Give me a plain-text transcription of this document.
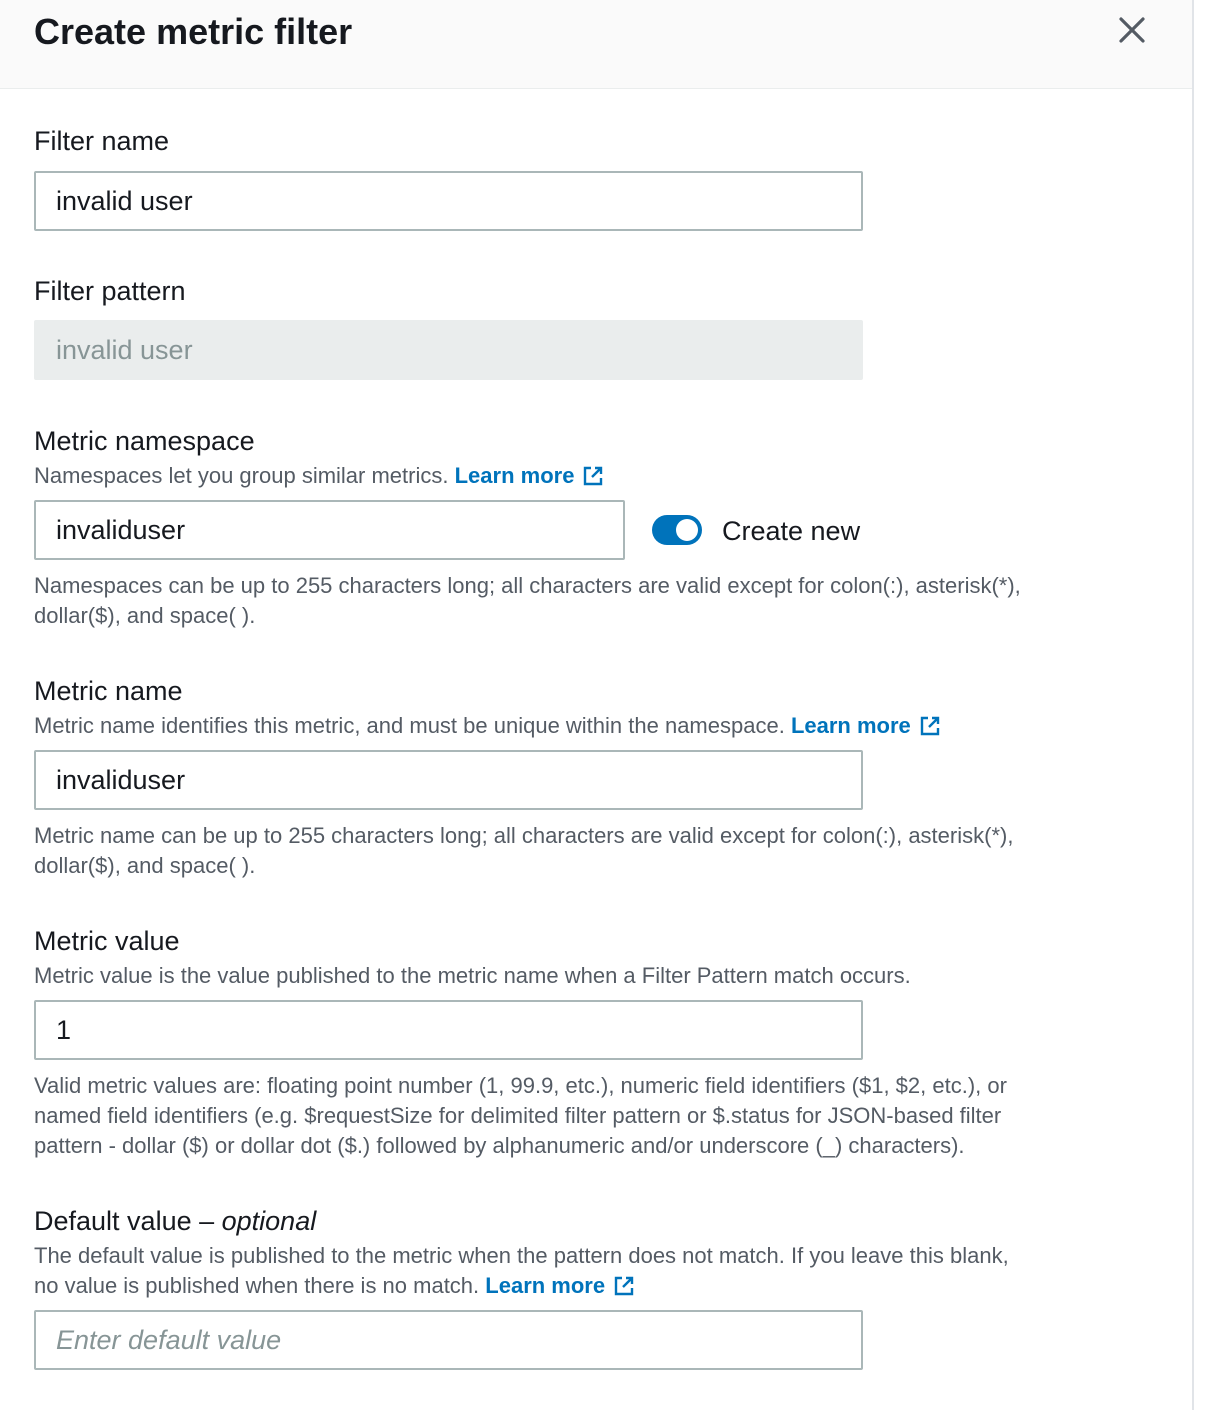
Create metric filter
Filter name
invalid user
Filter pattern
invalid user
Metric namespace
Namespaces let you group similar metrics. Learn more
invaliduser
Create new
Namespaces can be up to 255 characters long; all characters are valid except for colon(:), asterisk(*),
dollar($), and space( ).
Metric name
Metric name identifies this metric, and must be unique within the namespace. Learn more
invaliduser
Metric name can be up to 255 characters long; all characters are valid except for colon(:), asterisk(*),
dollar($), and space( ).
Metric value
Metric value is the value published to the metric name when a Filter Pattern match occurs.
1
Valid metric values are: floating point number (1, 99.9, etc.), numeric field identifiers ($1, $2, etc.), or
named field identifiers (e.g. $requestSize for delimited filter pattern or $.status for JSON-based filter
pattern - dollar ($) or dollar dot ($.) followed by alphanumeric and/or underscore (_) characters).
Default value – optional
The default value is published to the metric when the pattern does not match. If you leave this blank,
no value is published when there is no match. Learn more
Enter default value
